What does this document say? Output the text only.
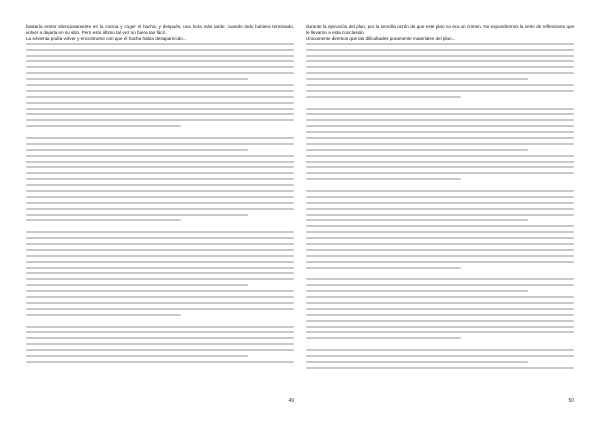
bastaría entrar silenciosamente en la cocina y coger el hacha; y después, una hora más tarde, cuando todo hubiera terminado, volver a dejarla en su sitio. Pero esto último tal vez no fuera tan fácil.

La sirvienta podía volver y encontrarse con que el hacha había desaparecido...

49

durante la ejecución del plan, por la sencilla razón de que este plan no era un crimen. No expondremos la serie de reflexiones que le llevaron a esta conclusión.

Únicamente diremos que las dificultades puramente materiales del plan...

50
